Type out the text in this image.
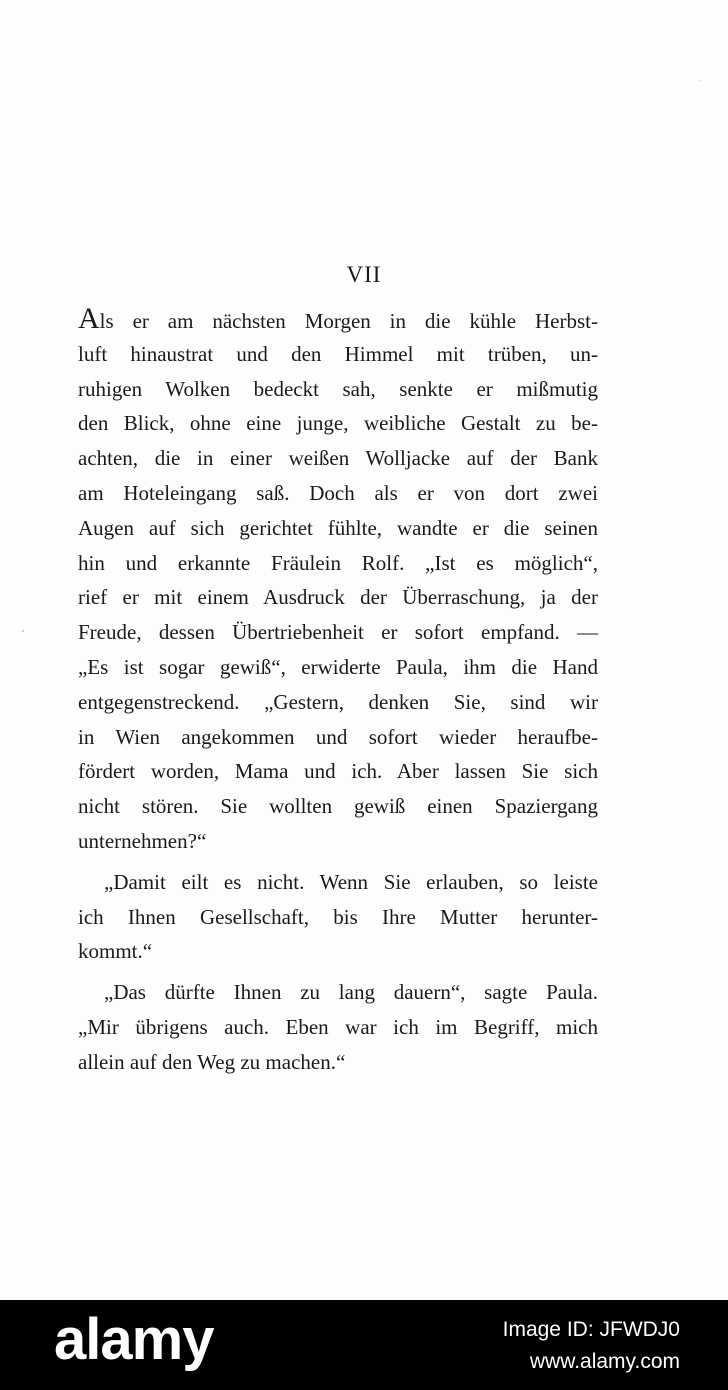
VII
Als er am nächsten Morgen in die kühle Herbst-
luft hinaustrat und den Himmel mit trüben, un-
ruhigen Wolken bedeckt sah, senkte er mißmutig
den Blick, ohne eine junge, weibliche Gestalt zu be-
achten, die in einer weißen Wolljacke auf der Bank
am Hoteleingang saß. Doch als er von dort zwei
Augen auf sich gerichtet fühlte, wandte er die seinen
hin und erkannte Fräulein Rolf. „Ist es möglich“,
rief er mit einem Ausdruck der Überraschung, ja der
Freude, dessen Übertriebenheit er sofort empfand. —
„Es ist sogar gewiß“, erwiderte Paula, ihm die Hand
entgegenstreckend. „Gestern, denken Sie, sind wir
in Wien angekommen und sofort wieder heraufbe-
fördert worden, Mama und ich. Aber lassen Sie sich
nicht stören. Sie wollten gewiß einen Spaziergang
unternehmen?“
„Damit eilt es nicht. Wenn Sie erlauben, so leiste
ich Ihnen Gesellschaft, bis Ihre Mutter herunter-
kommt.“
„Das dürfte Ihnen zu lang dauern“, sagte Paula.
„Mir übrigens auch. Eben war ich im Begriff, mich
allein auf den Weg zu machen.“
alamy	Image ID: JFWDJ0
www.alamy.com
